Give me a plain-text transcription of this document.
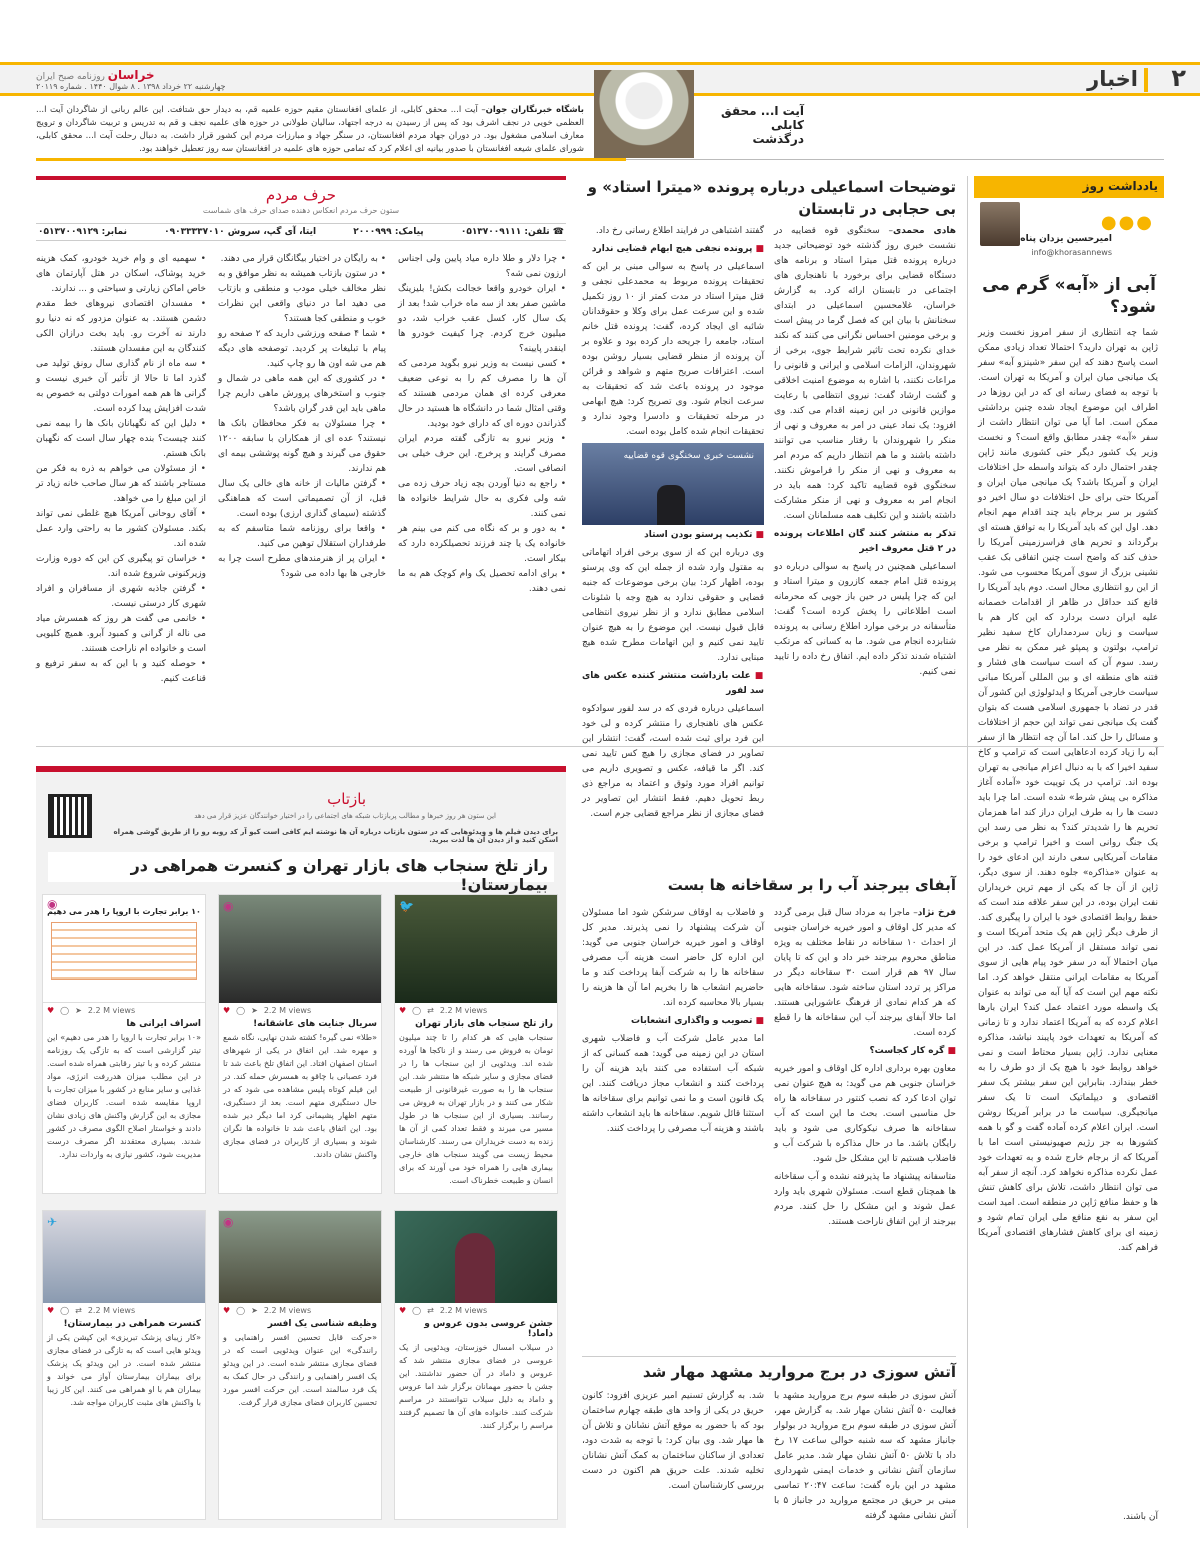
۲
اخبار
خراسان روزنامه صبح ایران
چهارشنبه ۲۲ خرداد ۱۳۹۸ . ۸ شوال ۱۴۴۰ . شماره ۲۰۱۱۹
آیت ا... محقق کابلی
درگذشت
باشگاه خبرنگاران جوان– آیت ا... محقق کابلی، از علمای افغانستان مقیم حوزه علمیه قم، به دیدار حق شتافت. این عالم ربانی از شاگردان آیت ا... العظمی خویی در نجف اشرف بود که پس از رسیدن به درجه اجتهاد، سالیان طولانی در حوزه های علمیه نجف و قم به تدریس و تربیت شاگردان و ترویج معارف اسلامی مشغول بود. در دوران جهاد مردم افغانستان، در سنگر جهاد و مبارزات مردم این کشور قرار داشت. به دنبال رحلت آیت ا... محقق کابلی، شورای علمای شیعه افغانستان با صدور بیانیه ای اعلام کرد که تمامی حوزه های علمیه در افغانستان سه روز تعطیل خواهند بود.
یادداشت روز
●●●
امیرحسین یزدان پناه
info@khorasannews
آبی از «آبه» گرم می شود؟
شما چه انتظاری از سفر امروز نخست وزیر ژاپن به تهران دارید؟ احتمالا تعداد زیادی ممکن است پاسخ دهند که این سفر «شینزو آبه» سفر یک میانجی میان ایران و آمریکا به تهران است. با توجه به فضای رسانه ای که در این روزها در اطراف این موضوع ایجاد شده چنین برداشتی ممکن است. اما آیا می توان انتظار داشت از سفر «آبه» چقدر مطابق واقع است؟ و نخست وزیر یک کشور دیگر حتی کشوری مانند ژاپن چقدر احتمال دارد که بتواند واسطه حل اختلافات ایران و آمریکا باشد؟ یک میانجی میان ایران و آمریکا حتی برای حل اختلافات دو سال اخیر دو کشور بر سر برجام باید چند اقدام مهم انجام دهد. اول این که باید آمریکا را به توافق هسته ای برگرداند و تحریم های فراسرزمینی آمریکا را حذف کند که واضح است چنین اتفاقی بک عقب نشینی بزرگ از سوی آمریکا محسوب می شود. از این رو انتظاری محال است. دوم باید آمریکا را قانع کند حداقل در ظاهر از اقدامات خصمانه علیه ایران دست بردارد که این کار هم با سیاست و زبان سردمداران کاخ سفید نظیر ترامپ، بولتون و پمپئو غیر ممکن به نظر می رسد. سوم آن که است سیاست های فشار و فتنه های منطقه ای و بین المللی آمریکا مبانی سیاست خارجی آمریکا و ایدئولوژی این کشور آن قدر در تضاد با جمهوری اسلامی هست که بتوان گفت یک میانجی نمی تواند این حجم از اختلافات و مسائل را حل کند. اما آن چه انتظار ها از سفر آبه را زیاد کرده ادعاهایی است که ترامپ و کاخ سفید اخیرا که با به دنبال اعزام میانجی به تهران بوده اند. ترامپ در یک توییت خود «آماده آغاز مذاکره بی پیش شرط» شده است. اما چرا باید دست ها را به طرف ایران دراز کند اما همزمان تحریم ها را شدیدتر کند؟ به نظر می رسد این یک جنگ روانی است و اخیرا ترامپ و برخی مقامات آمریکایی سعی دارند این ادعای خود را به عنوان «مذاکره» جلوه دهند. از سوی دیگر، ژاپن از آن جا که یکی از مهم ترین خریداران نفت ایران بوده، در این سفر علاقه مند است که حفظ روابط اقتصادی خود با ایران را پیگیری کند. از طرف دیگر ژاپن هم یک متحد آمریکا است و نمی تواند مستقل از آمریکا عمل کند. در این میان احتمالا آبه در سفر خود پیام هایی از سوی آمریکا به مقامات ایرانی منتقل خواهد کرد. اما نکته مهم این است که آیا آبه می تواند به عنوان یک واسطه مورد اعتماد عمل کند؟ ایران بارها اعلام کرده که به آمریکا اعتماد ندارد و تا زمانی که آمریکا به تعهدات خود پایبند نباشد، مذاکره معنایی ندارد. ژاپن بسیار محتاط است و نمی خواهد روابط خود با هیچ یک از دو طرف را به خطر بیندازد. بنابراین این سفر بیشتر یک سفر اقتصادی و دیپلماتیک است تا یک سفر میانجیگری. سیاست ما در برابر آمریکا روشن است. ایران اعلام کرده آماده گفت و گو با همه کشورها به جز رژیم صهیونیستی است اما با آمریکا که از برجام خارج شده و به تعهدات خود عمل نکرده مذاکره نخواهد کرد. آنچه از سفر آبه می توان انتظار داشت، تلاش برای کاهش تنش ها و حفظ منافع ژاپن در منطقه است. امید است این سفر به نفع منافع ملی ایران تمام شود و زمینه ای برای کاهش فشارهای اقتصادی آمریکا فراهم کند.
آن باشند.
توضیحات اسماعیلی درباره پرونده «میترا استاد» و بی حجابی در تابستان

هادی محمدی– سخنگوی قوه قضاییه در نشست خبری روز گذشته خود توضیحاتی جدید درباره پرونده قتل میترا استاد و برنامه های دستگاه قضایی برای برخورد با ناهنجاری های اجتماعی در تابستان ارائه کرد. به گزارش خراسان، غلامحسین اسماعیلی در ابتدای سخنانش با بیان این که فصل گرما در پیش است و برخی مومنین احساس نگرانی می کنند که نکند خدای نکرده تحت تاثیر شرایط جوی، برخی از شهروندان، الزامات اسلامی و ایرانی و قانونی را مراعات نکنند، با اشاره به موضوع امنیت اخلاقی و گشت ارشاد گفت: نیروی انتظامی با رعایت موازین قانونی در این زمینه اقدام می کند. وی افزود: یک نماد عینی در امر به معروف و نهی از منکر را شهروندان با رفتار مناسب می توانند داشته باشند و ما هم انتظار داریم که مردم امر به معروف و نهی از منکر را فراموش نکنند. سخنگوی قوه قضاییه تاکید کرد: همه باید در انجام امر به معروف و نهی از منکر مشارکت داشته باشند و این تکلیف همه مسلمانان است.

تذکر به منتشر کنند گان اطلاعات پرونده در ۲ قتل معروف اخیر

اسماعیلی همچنین در پاسخ به سوالی درباره دو پرونده قتل امام جمعه کازرون و میترا استاد و این که چرا پلیس در حین باز جویی که محرمانه است اطلاعاتی را پخش کرده است؟ گفت: متأسفانه در برخی موارد اطلاع رسانی به پرونده شتابزده انجام می شود. ما به کسانی که مرتکب اشتباه شدند تذکر داده ایم. اتفاق رخ داده را تایید نمی کنیم.

گفتند اشتباهی در فرایند اطلاع رسانی رخ داد.

■ پرونده نجفی هیچ ابهام قضایی ندارد

اسماعیلی در پاسخ به سوالی مبنی بر این که تحقیقات پرونده مربوط به محمدعلی نجفی و قتل میترا استاد در مدت کمتر از ۱۰ روز تکمیل شده و این سرعت عمل برای وکلا و حقوقدانان شائبه ای ایجاد کرده، گفت: پرونده قتل خانم استاد، جامعه را جریحه دار کرده بود و علاوه بر آن پرونده از منظر قضایی بسیار روشن بوده است. اعترافات صریح متهم و شواهد و قرائن موجود در پرونده باعث شد که تحقیقات به سرعت انجام شود. وی تصریح کرد: هیچ ابهامی در مرحله تحقیقات و دادسرا وجود ندارد و تحقیقات انجام شده کامل بوده است.

نشست خبری سخنگوی قوه قضاییه

■ تکذیب پرستو بودن استاد

وی درباره این که از سوی برخی افراد اتهاماتی به مقتول وارد شده از جمله این که وی پرستو بوده، اظهار کرد: بیان برخی موضوعات که جنبه قضایی و حقوقی ندارد به هیچ وجه با شئونات اسلامی مطابق ندارد و از نظر نیروی انتظامی قابل قبول نیست. این موضوع را به هیچ عنوان تایید نمی کنیم و این اتهامات مطرح شده هیچ مبنایی ندارد.

■ علت بازداشت منتشر کننده عکس های سد لفور

اسماعیلی درباره فردی که در سد لفور سوادکوه عکس های ناهنجاری را منتشر کرده و لی خود این فرد برای ثبت شده است، گفت: انتشار این تصاویر در فضای مجازی را هیچ کس تایید نمی کند. اگر ما قیافه، عکس و تصویری داریم می توانیم افراد مورد وثوق و اعتماد به مراجع ذی ربط تحویل دهیم. فقط انتشار این تصاویر در فضای مجازی از نظر مراجع قضایی جرم است.

حرف مردم
ستون حرف مردم انعکاس دهنده صدای حرف های شماست
☎ تلفن: ۰۵۱۳۷۰۰۹۱۱۱
پیامک: ۲۰۰۰۹۹۹
ایتا، آی گپ، سروش ۰۹۰۳۳۳۳۷۰۱۰
نمابر: ۰۵۱۳۷۰۰۹۱۲۹
• چرا دلار و طلا داره میاد پایین ولی اجناس ارزون نمی شه؟
• ایران خودرو واقعا خجالت بکش! بلیزینگ ماشین صفر بعد از سه ماه خراب شد! بعد از یک سال کار، کسل عقب خراب شد، دو میلیون خرج کردم. چرا کیفیت خودرو ها اینقدر پایینه؟
• کسی نیست به وزیر نیرو بگوید مردمی که آن ها را مصرف کم را به نوعی ضعیف معرفی کرده ای همان مردمی هستند که وقتی امثال شما در دانشگاه ها هستید در حال گذراندن دوره ای که دارای خود بودید.
• وزیر نیرو به تازگی گفته مردم ایران مصرف گرایند و پرخرج. این حرف خیلی بی انصافی است.
• راجع به دنیا آوردن بچه زیاد حرف زده می شه ولی فکری به حال شرایط خانواده ها نمی کنند.
• به دور و بر که نگاه می کنم می بینم هر خانواده یک یا چند فرزند تحصیلکرده دارد که بیکار است.
• برای ادامه تحصیل یک وام کوچک هم به ما نمی دهند.
• به رایگان در اختیار بیگانگان قرار می دهند.
• در ستون بازتاب همیشه به نظر موافق و به نظر مخالف خیلی مودب و منطقی و بازتاب می دهید اما در دنیای واقعی این نظرات خوب و منطقی کجا هستند؟
• شما ۴ صفحه ورزشی دارید که ۲ صفحه رو پیام با تبلیغات پر کردید. توصفحه های دیگه هم می شه اون ها رو چاپ کنید.
• در کشوری که این همه ماهی در شمال و جنوب و استخرهای پرورش ماهی داریم چرا ماهی باید این قدر گران باشد؟
• چرا مسئولان به فکر محافظان بانک ها نیستند؟ عده ای از همکاران با سابقه ۱۲۰۰ حقوق می گیرند و هیچ گونه پوششی بیمه ای هم ندارند.
• گرفتن مالیات از خانه های خالی یک سال قبل، از آن تصمیماتی است که هماهنگی گذشته (سیمای گذاری ارزی) بوده است.
• واقعا برای روزنامه شما متاسفم که به طرفداران استقلال توهین می کنید.
• ایران پر از هنرمندهای مطرح است چرا به خارجی ها بها داده می شود؟
• سهمیه ای و وام خرید خودرو، کمک هزینه خرید پوشاک، اسکان در هتل آپارتمان های خاص اماکن زیارتی و سیاحتی و ... ندارند.
• مفسدان اقتصادی نیروهای خط مقدم دشمن هستند. به عنوان مزدور که نه دنیا رو دارند نه آخرت رو. باید بخت درازان الکی کنندگان به این مفسدان هستند.
• سه ماه از نام گذاری سال رونق تولید می گذرد اما تا حالا از تأثیر آن خبری نیست و گرانی ها هم همه امورات دولتی به خصوص به شدت افزایش پیدا کرده است.
• دلیل این که نگهبانان بانک ها را بیمه نمی کنند چیست؟ بنده چهار سال است که نگهبان بانک هستم.
• از مسئولان می خواهم به ذره به فکر من مستاجر باشند که هر سال صاحب خانه زیاد تر از این مبلغ را می خواهد.
• آقای روحانی آمریکا هیچ غلطی نمی تواند بکند. مسئولان کشور ما به راحتی وارد عمل شده اند.
• خراسان تو پیگیری کن این که دوره وزارت وزیرکنونی شروع شده اند.
• گرفتن جاذبه شهری از مسافران و افراد شهری کار درستی نیست.
• خانمی می گفت هر روز که همسرش میاد می ناله از گرانی و کمبود آبرو. همیچ کلیویی است و خانواده ام ناراحت هستند.
• حوصله کنید و با این که به سفر ترفیع و قناعت کنیم.
آبفای بیرجند آب را بر سقاخانه ها بست

فرخ نژاد– ماجرا به مرداد سال قبل برمی گردد که مدیر کل اوقاف و امور خیریه خراسان جنوبی از احداث ۱۰ سقاخانه در نقاط مختلف به ویژه مناطق محروم بیرجند خبر داد و این که تا پایان سال ۹۷ هم قرار است ۳۰ سقاخانه دیگر در مراکز پر تردد استان ساخته شود. سقاخانه هایی که هر کدام نمادی از فرهنگ عاشورایی هستند. اما حالا آبفای بیرجند آب این سقاخانه ها را قطع کرده است.

■ گره کار کجاست؟

معاون بهره برداری اداره کل اوقاف و امور خیریه خراسان جنوبی هم می گوید: به هیچ عنوان نمی توان ادعا کرد که نصب کنتور در سقاخانه ها راه حل مناسبی است. بحث ما این است که آب سقاخانه ها صرف نیکوکاری می شود و باید رایگان باشد. ما در حال مذاکره با شرکت آب و فاضلاب هستیم تا این مشکل حل شود.

متاسفانه پیشنهاد ما پذیرفته نشده و آب سقاخانه ها همچنان قطع است. مسئولان شهری باید وارد عمل شوند و این مشکل را حل کنند. مردم بیرجند از این اتفاق ناراحت هستند.

و فاضلاب به اوقاف سرشکن شود اما مسئولان آن شرکت پیشنهاد را نمی پذیرند. مدیر کل اوقاف و امور خیریه خراسان جنوبی می گوید: این اداره کل حاضر است هزینه آب مصرفی سقاخانه ها را به شرکت آبفا پرداخت کند و ما حاضریم انشعاب ها را بخریم اما آن ها هزینه را بسیار بالا محاسبه کرده اند.

■ تصویب و واگذاری انشعابات

اما مدیر عامل شرکت آب و فاضلاب شهری استان در این زمینه می گوید: همه کسانی که از شبکه آب استفاده می کنند باید هزینه آن را پرداخت کنند و انشعاب مجاز دریافت کنند. این یک قانون است و ما نمی توانیم برای سقاخانه ها استثنا قائل شویم. سقاخانه ها باید انشعاب داشته باشند و هزینه آب مصرفی را پرداخت کنند.

آتش سوزی در برج مروارید مشهد مهار شد
آتش سوزی در طبقه سوم برج مروارید مشهد با فعالیت ۵۰ آتش نشان مهار شد. به گزارش مهر، آتش سوزی در طبقه سوم برج مروارید در بولوار جانباز مشهد که سه شنبه حوالی ساعت ۱۷ رخ داد با تلاش ۵۰ آتش نشان مهار شد. مدیر عامل سازمان آتش نشانی و خدمات ایمنی شهرداری مشهد در این باره گفت: ساعت ۲۰:۴۷ تماسی مبنی بر حریق در مجتمع مروارید در جانباز ۵ با آتش نشانی مشهد گرفته
شد. به گزارش تسنیم امیر عزیزی افزود: کانون حریق در یکی از واحد های طبقه چهارم ساختمان بود که با حضور به موقع آتش نشانان و تلاش آن ها مهار شد. وی بیان کرد: با توجه به شدت دود، تعدادی از ساکنان ساختمان به کمک آتش نشانان تخلیه شدند. علت حریق هم اکنون در دست بررسی کارشناسان است.
بازتاب
این ستون هر روز خبرها و مطالب پربازتاب شبکه های اجتماعی را در اختیار خوانندگان عزیز قرار می دهد
برای دیدن فیلم ها و ویدئوهایی که در ستون بازتاب درباره آن ها نوشته ایم کافی است کیو آر کد روبه رو را از طریق گوشی همراه اسکن کنید و از دیدن آن ها لذت ببرید.
راز تلخ سنجاب های بازار تهران و کنسرت همراهی در بیمارستان!
🐦
♥ ◯ ⇄ 2.2 M views
راز تلخ سنجاب های بازار تهران
سنجاب هایی که هر کدام را تا چند میلیون تومان به فروش می رسند و از ناکجا ها آورده شده اند. ویدئویی از این سنجاب ها را در فضای مجازی و سایر شبکه ها منتشر شد. این سنجاب ها را به صورت غیرقانونی از طبیعت شکار می کنند و در بازار تهران به فروش می رسانند. بسیاری از این سنجاب ها در طول مسیر می میرند و فقط تعداد کمی از آن ها زنده به دست خریداران می رسند. کارشناسان محیط زیست می گویند سنجاب های خارجی بیماری هایی را همراه خود می آورند که برای انسان و طبیعت خطرناک است.
◉
♥ ◯ ➤ 2.2 M views
سریال جنایت های عاشقانه!
«طلا» نمی گیره! کشته شدن نهایی، نگاه شمع و مهره شد. این اتفاق در یکی از شهرهای استان اصفهان افتاد. این اتفاق تلخ باعث شد تا فرد عصبانی با چاقو به همسرش حمله کند. در این فیلم کوتاه پلیس مشاهده می شود که در حال دستگیری متهم است. بعد از دستگیری، متهم اظهار پشیمانی کرد اما دیگر دیر شده بود. این اتفاق باعث شد تا خانواده ها نگران شوند و بسیاری از کاربران در فضای مجازی واکنش نشان دادند.
۱۰ برابر تجارت با اروپا را هدر می دهیم
◉
♥ ◯ ➤ 2.2 M views
اسراف ایرانی ها
«۱۰ برابر تجارت با اروپا را هدر می دهیم» این تیتر گزارشی است که به تازگی یک روزنامه منتشر کرده و با تیتر رقابتی همراه شده است. در این مطلب میزان هدررفت انرژی، مواد غذایی و سایر منابع در کشور با میزان تجارت با اروپا مقایسه شده است. کاربران فضای مجازی به این گزارش واکنش های زیادی نشان دادند و خواستار اصلاح الگوی مصرف در کشور شدند. بسیاری معتقدند اگر مصرف درست مدیریت شود، کشور نیازی به واردات ندارد.
♥ ◯ ⇄ 2.2 M views
جشن عروسی بدون عروس و داماد!
در سیلاب امسال خوزستان، ویدئویی از یک عروسی در فضای مجازی منتشر شد که عروس و داماد در آن حضور نداشتند. این جشن با حضور مهمانان برگزار شد اما عروس و داماد به دلیل سیلاب نتوانستند در مراسم شرکت کنند. خانواده های آن ها تصمیم گرفتند مراسم را برگزار کنند.
◉
♥ ◯ ➤ 2.2 M views
وظیفه شناسی یک افسر
«حرکت قابل تحسین افسر راهنمایی و رانندگی» این عنوان ویدئویی است که در فضای مجازی منتشر شده است. در این ویدئو یک افسر راهنمایی و رانندگی در حال کمک به یک فرد سالمند است. این حرکت افسر مورد تحسین کاربران فضای مجازی قرار گرفت.
✈
♥ ◯ ⇄ 2.2 M views
کنسرت همراهی در بیمارستان!
«کار زیبای پزشک تبریزی» این کپشن یکی از ویدئو هایی است که به تازگی در فضای مجازی منتشر شده است. در این ویدئو یک پزشک برای بیماران بیمارستان آواز می خواند و بیماران هم با او همراهی می کنند. این کار زیبا با واکنش های مثبت کاربران مواجه شد.
